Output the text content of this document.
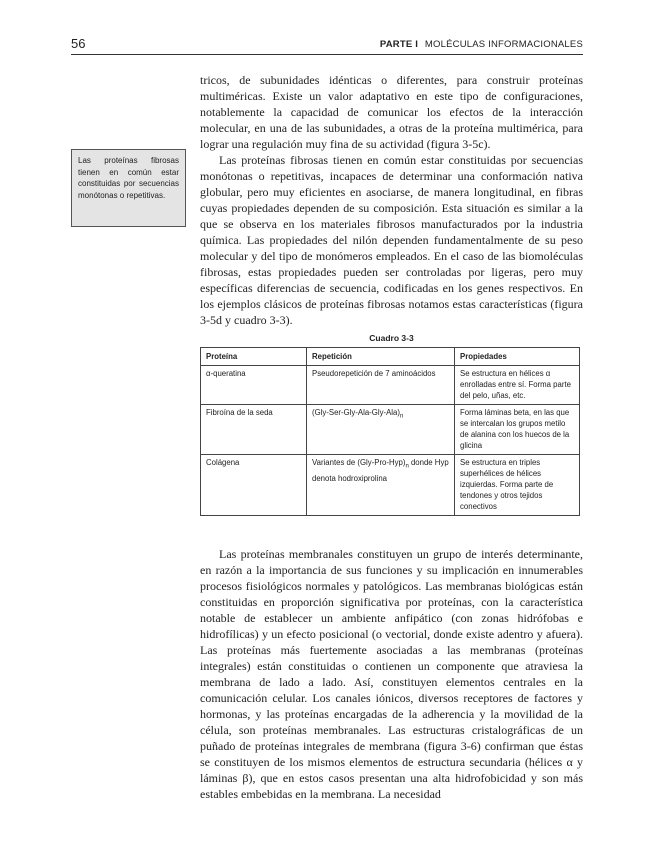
56	PARTE I MOLÉCULAS INFORMACIONALES

tricos, de subunidades idénticas o diferentes, para construir proteínas multiméricas. Existe un valor adaptativo en este tipo de configuraciones, notablemente la capacidad de comunicar los efectos de la interacción molecular, en una de las subunidades, a otras de la proteína multimérica, para lograr una regulación muy fina de su actividad (figura 3-5c).

Las proteínas fibrosas tienen en común estar constituidas por secuencias monótonas o repetitivas, incapaces de determinar una conformación nativa globular, pero muy eficientes en asociarse, de manera longitudinal, en fibras cuyas propiedades dependen de su composición. Esta situación es similar a la que se observa en los materiales fibrosos manufacturados por la industria química. Las propiedades del nilón dependen fundamentalmente de su peso molecular y del tipo de monómeros empleados. En el caso de las biomoléculas fibrosas, estas propiedades pueden ser controladas por ligeras, pero muy específicas diferencias de secuencia, codificadas en los genes respectivos. En los ejemplos clásicos de proteínas fibrosas notamos estas características (figura 3-5d y cuadro 3-3).

Las proteínas fibrosas tienen en común estar constituidas por secuencias monótonas o repetitivas.
Cuadro 3-3
Proteína	Repetición	Propiedades
α-queratina	Pseudorepetición de 7 aminoácidos	Se estructura en hélices α enrolladas entre sí. Forma parte del pelo, uñas, etc.
Fibroína de la seda	$(Gly-Ser-Gly-Ala-Gly-Ala)_n$	Forma láminas beta, en las que se intercalan los grupos metilo de alanina con los huecos de la glicina
Colágena	Variantes de $(Gly-Pro-Hyp)_n$ donde Hyp denota hodroxiprolina	Se estructura en triples superhélices de hélices izquierdas. Forma parte de tendones y otros tejidos conectivos

Las proteínas membranales constituyen un grupo de interés determinante, en razón a la importancia de sus funciones y su implicación en innumerables procesos fisiológicos normales y patológicos. Las membranas biológicas están constituidas en proporción significativa por proteínas, con la característica notable de establecer un ambiente anfipático (con zonas hidrófobas e hidrofílicas) y un efecto posicional (o vectorial, donde existe adentro y afuera). Las proteínas más fuertemente asociadas a las membranas (proteínas integrales) están constituidas o contienen un componente que atraviesa la membrana de lado a lado. Así, constituyen elementos centrales en la comunicación celular. Los canales iónicos, diversos receptores de factores y hormonas, y las proteínas encargadas de la adherencia y la movilidad de la célula, son proteínas membranales. Las estructuras cristalográficas de un puñado de proteínas integrales de membrana (figura 3-6) confirman que éstas se constituyen de los mismos elementos de estructura secundaria (hélices α y láminas β), que en estos casos presentan una alta hidrofobicidad y son más estables embebidas en la membrana. La necesidad
